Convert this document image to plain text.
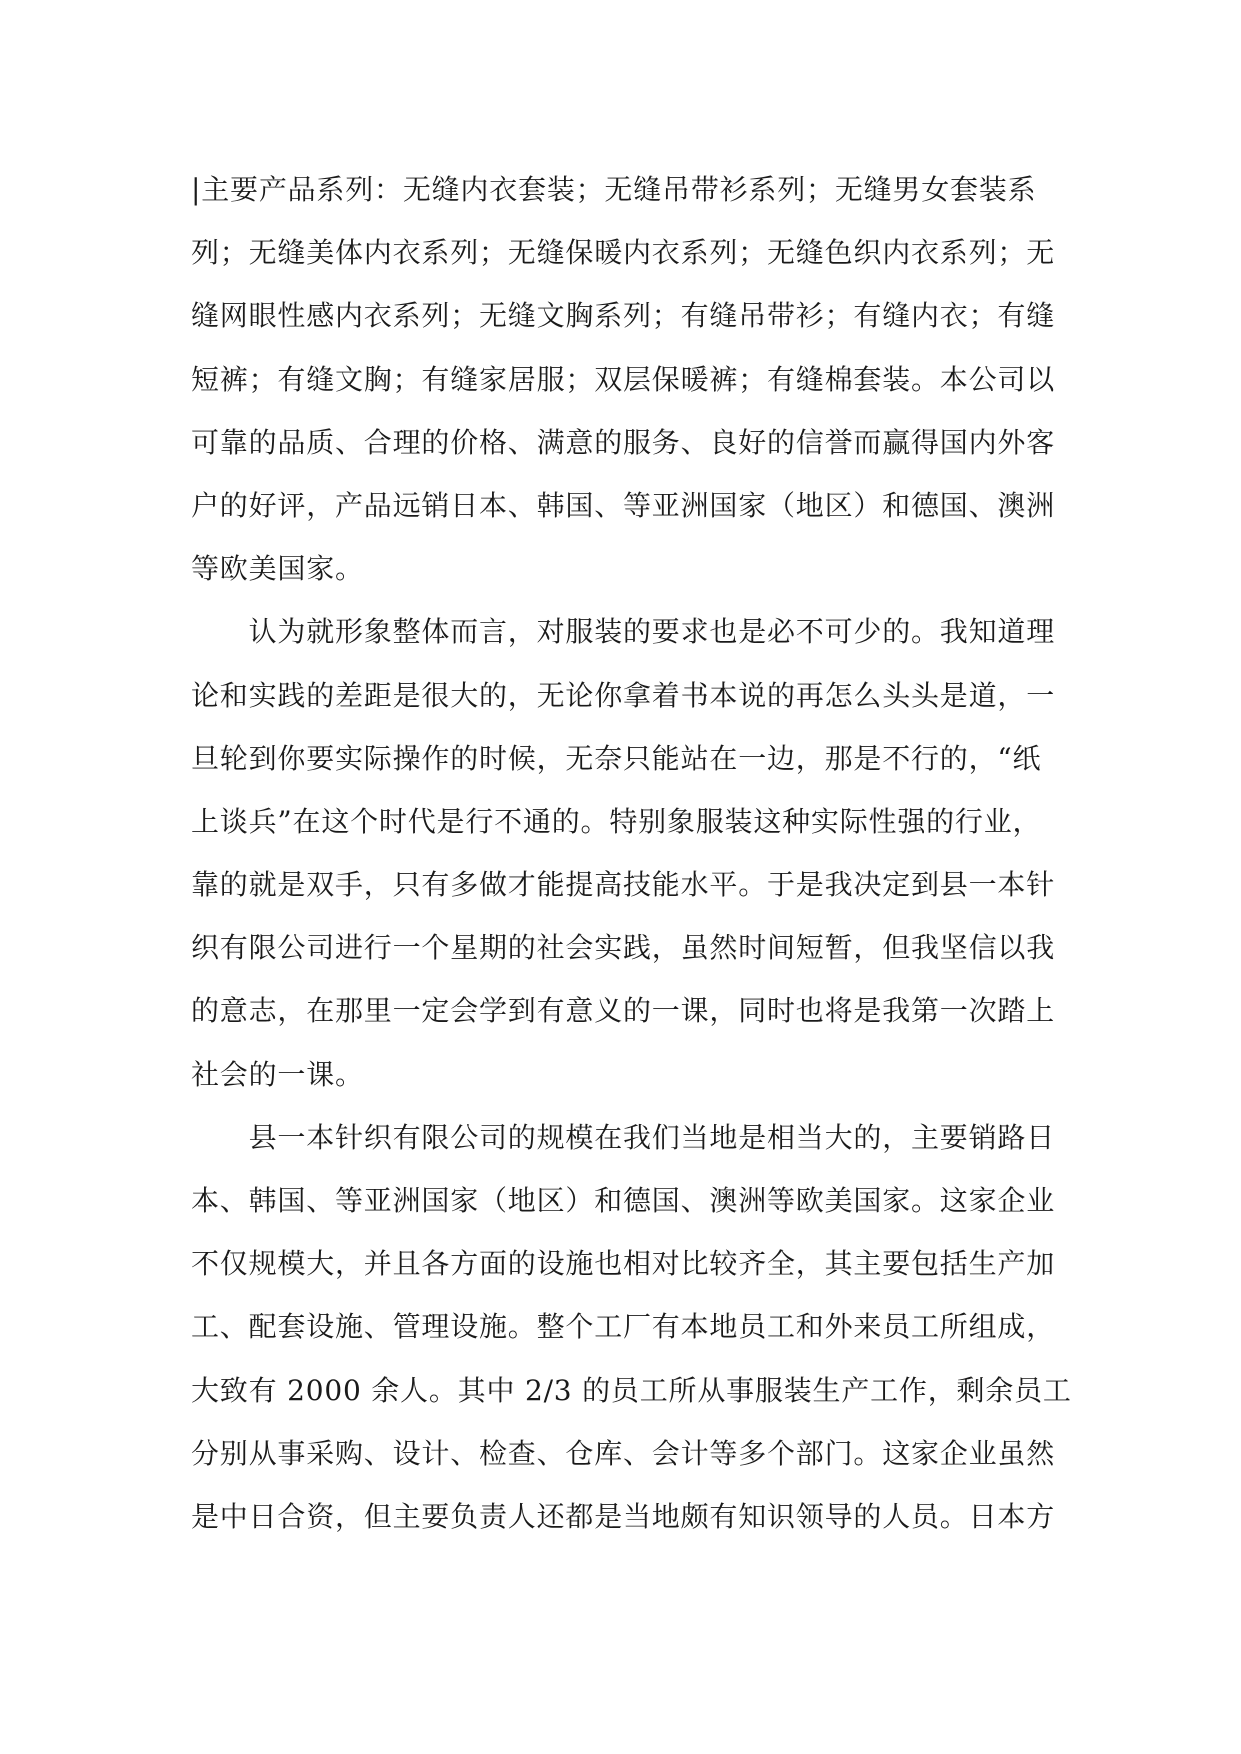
|主要产品系列：无缝内衣套装；无缝吊带衫系列；无缝男女套装系
列；无缝美体内衣系列；无缝保暖内衣系列；无缝色织内衣系列；无
缝网眼性感内衣系列；无缝文胸系列；有缝吊带衫；有缝内衣；有缝
短裤；有缝文胸；有缝家居服；双层保暖裤；有缝棉套装。本公司以
可靠的品质、合理的价格、满意的服务、良好的信誉而赢得国内外客
户的好评，产品远销日本、韩国、等亚洲国家（地区）和德国、澳洲
等欧美国家。
　　认为就形象整体而言，对服装的要求也是必不可少的。我知道理
论和实践的差距是很大的，无论你拿着书本说的再怎么头头是道，一
旦轮到你要实际操作的时候，无奈只能站在一边，那是不行的，“纸
上谈兵”在这个时代是行不通的。特别象服装这种实际性强的行业，
靠的就是双手，只有多做才能提高技能水平。于是我决定到县一本针
织有限公司进行一个星期的社会实践，虽然时间短暂，但我坚信以我
的意志，在那里一定会学到有意义的一课，同时也将是我第一次踏上
社会的一课。
　　县一本针织有限公司的规模在我们当地是相当大的，主要销路日
本、韩国、等亚洲国家（地区）和德国、澳洲等欧美国家。这家企业
不仅规模大，并且各方面的设施也相对比较齐全，其主要包括生产加
工、配套设施、管理设施。整个工厂有本地员工和外来员工所组成，
大致有 2000 余人。其中 2/3 的员工所从事服装生产工作，剩余员工
分别从事采购、设计、检查、仓库、会计等多个部门。这家企业虽然
是中日合资，但主要负责人还都是当地颇有知识领导的人员。日本方
